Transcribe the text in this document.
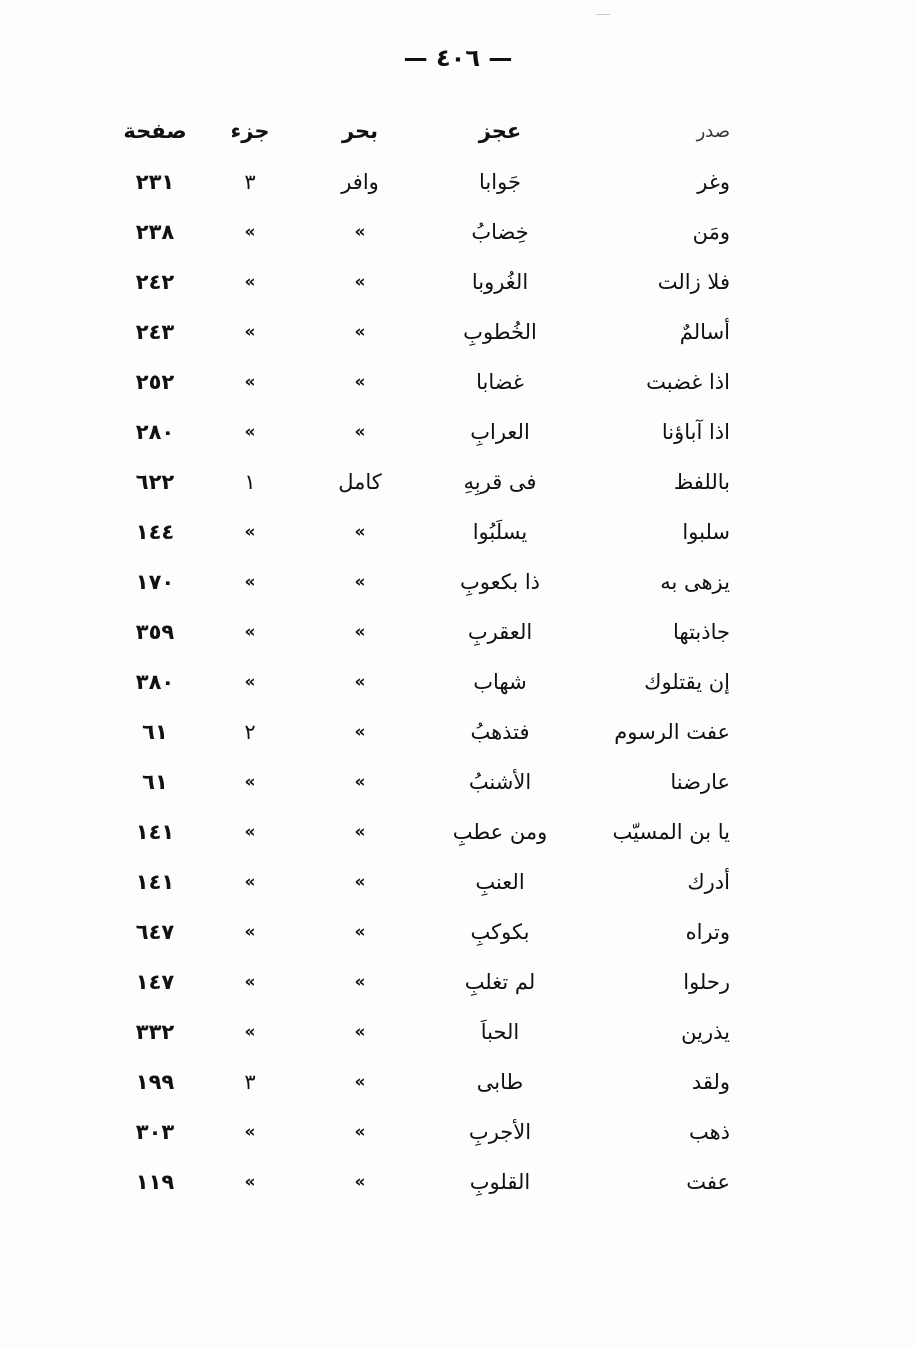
— ٤٠٦ —
صدر
عجز
بحر
جزء
صفحة
وغر
جَوابا
وافر
٣
٢٣١
ومَن
خِضابُ
»
»
٢٣٨
فلا زالت
الغُروبا
»
»
٢٤٢
أسالمٌ
الخُطوبِ
»
»
٢٤٣
اذا غضبت
غضابا
»
»
٢٥٢
اذا آباؤنا
العرابِ
»
»
٢٨٠
باللفظ
فى قربِهِ
كامل
١
٦٢٢
سلبوا
يسلَبُوا
»
»
١٤٤
يزهى به
ذا بكعوبِ
»
»
١٧٠
جاذبتها
العقربِ
»
»
٣٥٩
إن يقتلوك
شهاب
»
»
٣٨٠
عفت الرسوم
فتذهبُ
»
٢
٦١
عارضنا
الأشنبُ
»
»
٦١
يا بن المسيّب
ومن عطبِ
»
»
١٤١
أدرك
العنبِ
»
»
١٤١
وتراه
بكوكبِ
»
»
٦٤٧
رحلوا
لم تغلبِ
»
»
١٤٧
يذرين
الحباَ
»
»
٣٣٢
ولقد
طابى
»
٣
١٩٩
ذهب
الأجربِ
»
»
٣٠٣
عفت
القلوبِ
»
»
١١٩
